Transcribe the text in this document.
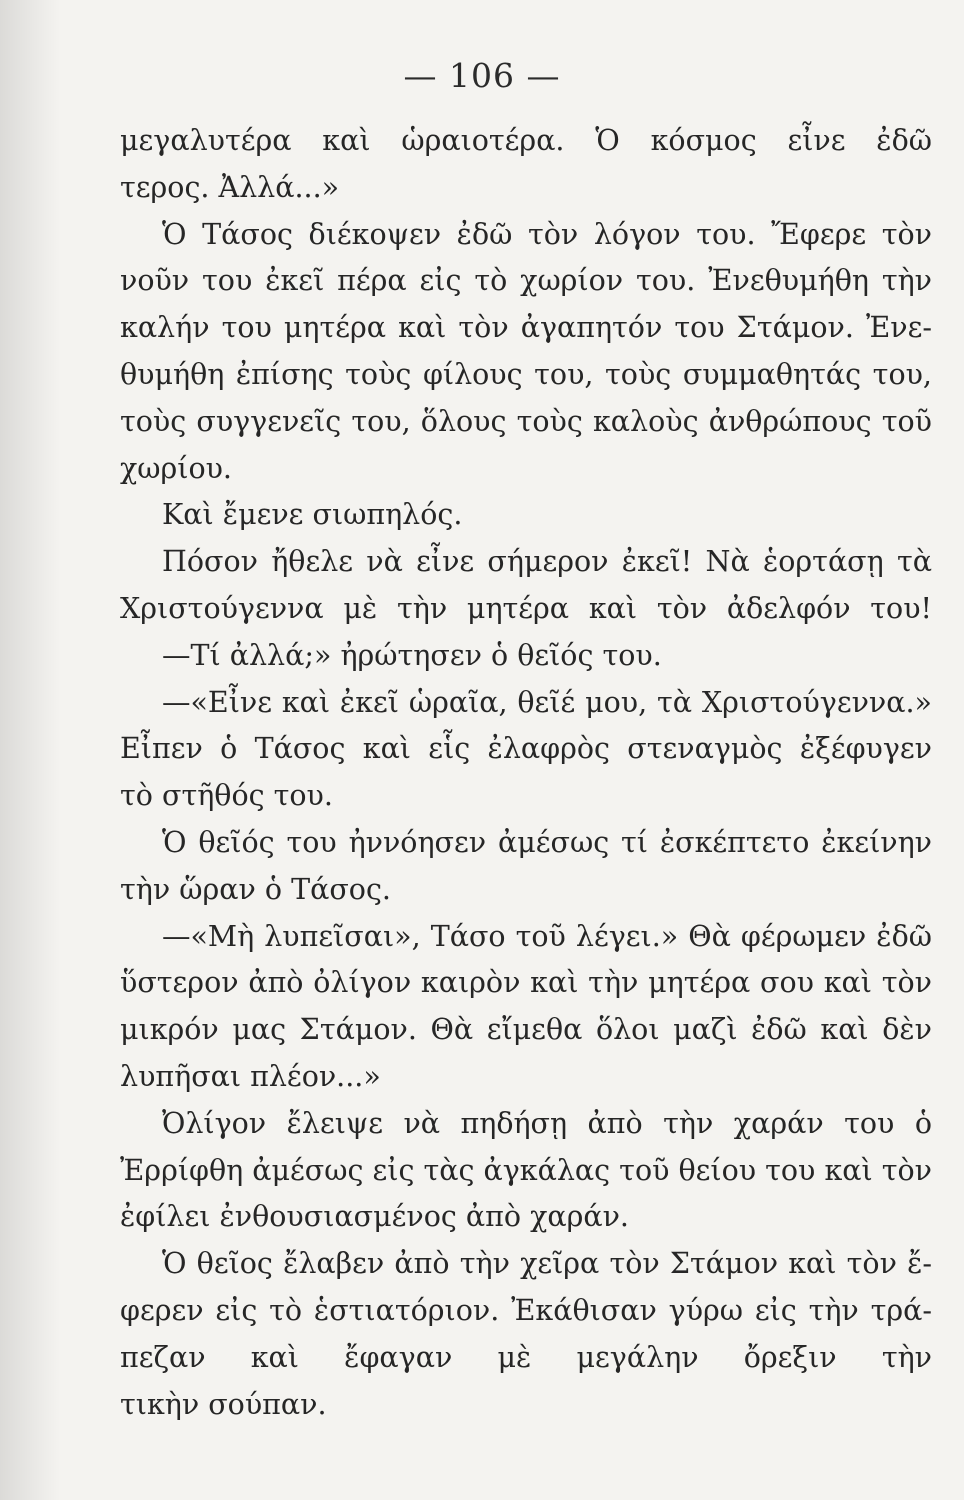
— 106 —
μεγαλυτέρα καὶ ὡραιοτέρα. Ὁ κόσμος εἶνε ἐδῶ
τερος. Ἀλλά...»
Ὁ Τάσος διέκοψεν ἐδῶ τὸν λόγον του. Ἔφερε τὸν
νοῦν του ἐκεῖ πέρα εἰς τὸ χωρίον του. Ἐνεθυμήθη τὴν
καλήν του μητέρα καὶ τὸν ἀγαπητόν του Στάμον. Ἐνε-
θυμήθη ἐπίσης τοὺς φίλους του, τοὺς συμμαθητάς του,
τοὺς συγγενεῖς του, ὅλους τοὺς καλοὺς ἀνθρώπους τοῦ
χωρίου.
Καὶ ἔμενε σιωπηλός.
Πόσον ἤθελε νὰ εἶνε σήμερον ἐκεῖ! Νὰ ἑορτάσῃ τὰ
Χριστούγεννα μὲ τὴν μητέρα καὶ τὸν ἀδελφόν του!
—Τί ἀλλά;» ἠρώτησεν ὁ θεῖός του.
—«Εἶνε καὶ ἐκεῖ ὡραῖα, θεῖέ μου, τὰ Χριστούγεννα.»
Εἶπεν ὁ Τάσος καὶ εἷς ἐλαφρὸς στεναγμὸς ἐξέφυγεν
τὸ στῆθός του.
Ὁ θεῖός του ἠννόησεν ἀμέσως τί ἐσκέπτετο ἐκείνην
τὴν ὥραν ὁ Τάσος.
—«Μὴ λυπεῖσαι», Τάσο τοῦ λέγει.» Θὰ φέρωμεν ἐδῶ
ὕστερον ἀπὸ ὀλίγον καιρὸν καὶ τὴν μητέρα σου καὶ τὸν
μικρόν μας Στάμον. Θὰ εἴμεθα ὅλοι μαζὶ ἐδῶ καὶ δὲν
λυπῆσαι πλέον...»
Ὀλίγον ἔλειψε νὰ πηδήσῃ ἀπὸ τὴν χαράν του ὁ
Ἐρρίφθη ἀμέσως εἰς τὰς ἀγκάλας τοῦ θείου του καὶ τὸν
ἐφίλει ἐνθουσιασμένος ἀπὸ χαράν.
Ὁ θεῖος ἔλαβεν ἀπὸ τὴν χεῖρα τὸν Στάμον καὶ τὸν ἔ-
φερεν εἰς τὸ ἑστιατόριον. Ἐκάθισαν γύρω εἰς τὴν τρά-
πεζαν καὶ ἔφαγαν μὲ μεγάλην ὄρεξιν τὴν
τικὴν σούπαν.
